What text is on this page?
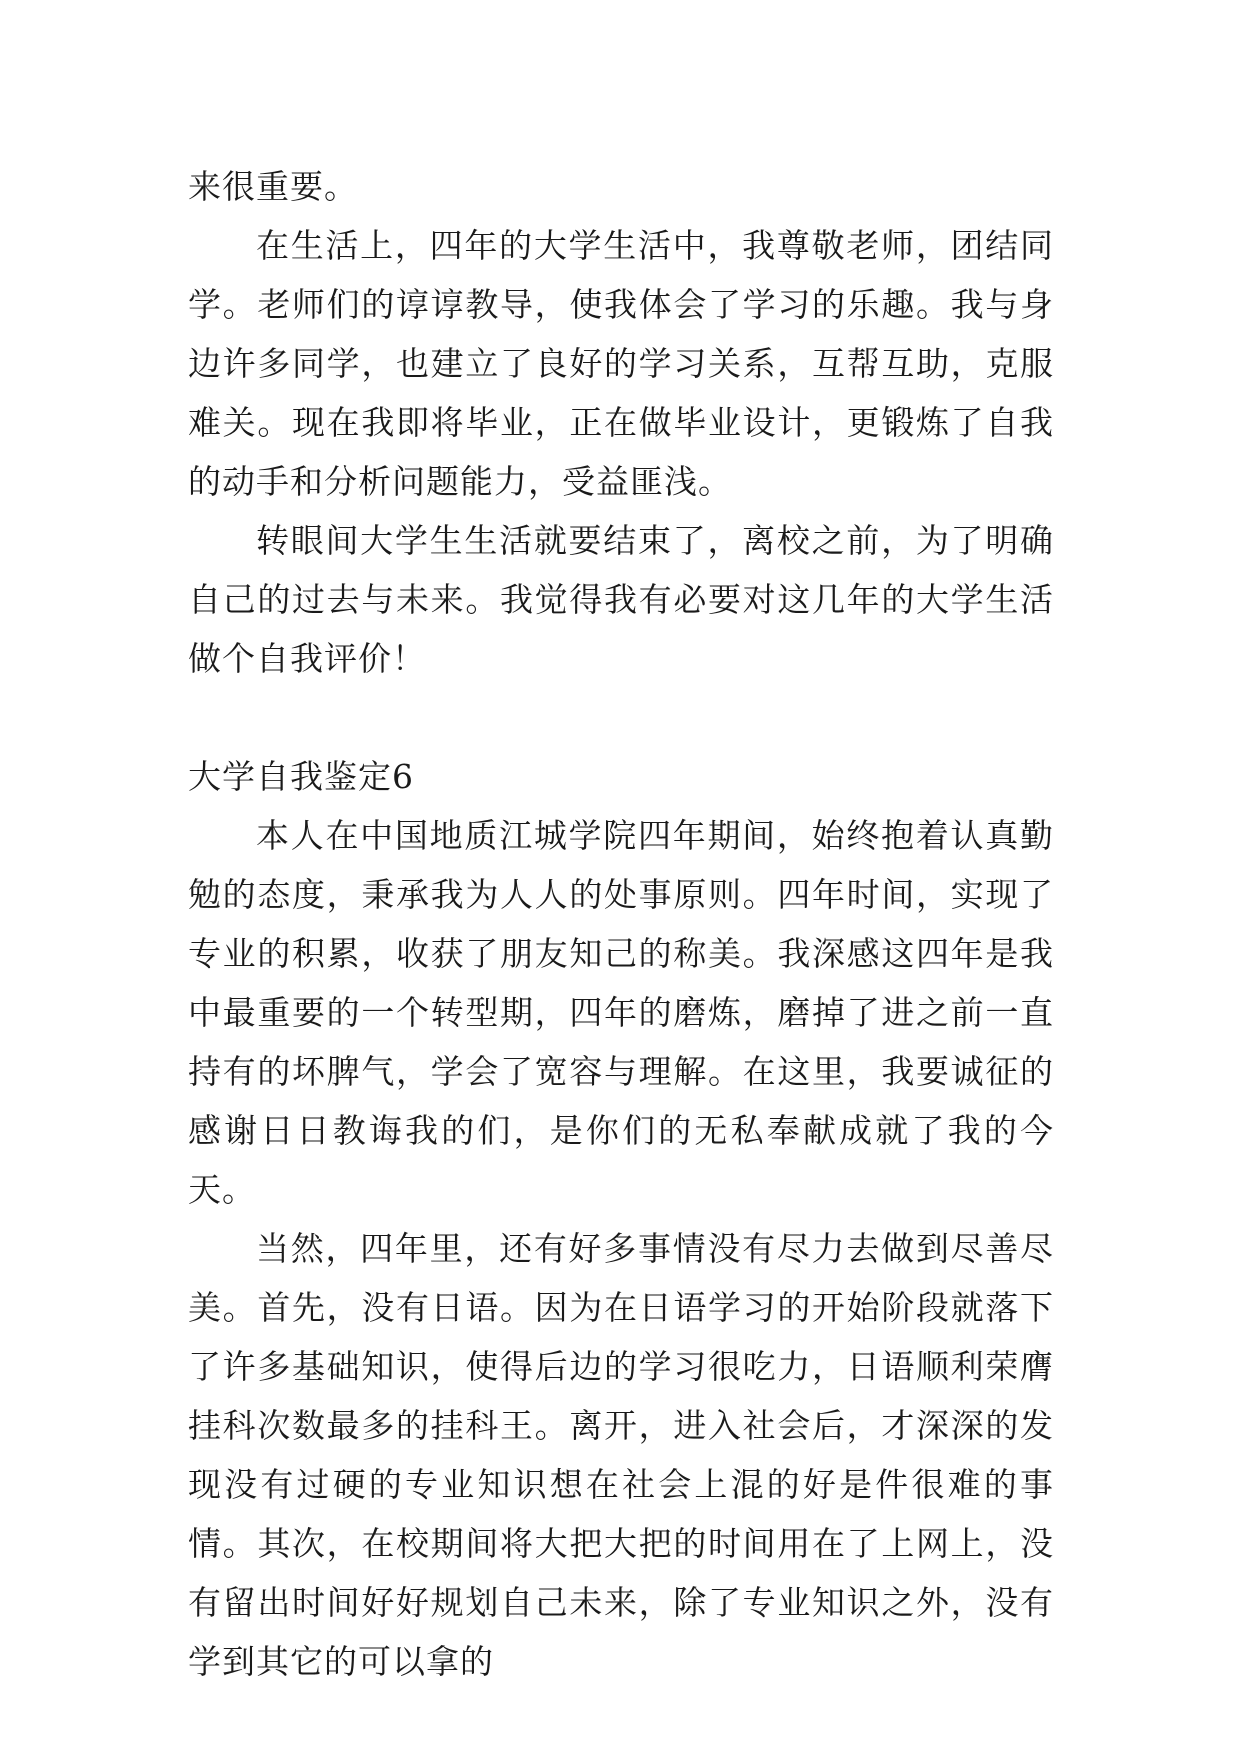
来很重要。

在生活上，四年的大学生活中，我尊敬老师，团结同学。老师们的谆谆教导，使我体会了学习的乐趣。我与身边许多同学，也建立了良好的学习关系，互帮互助，克服难关。现在我即将毕业，正在做毕业设计，更锻炼了自我的动手和分析问题能力，受益匪浅。

转眼间大学生生活就要结束了，离校之前，为了明确自己的过去与未来。我觉得我有必要对这几年的大学生活做个自我评价！

大学自我鉴定6

本人在中国地质江城学院四年期间，始终抱着认真勤勉的态度，秉承我为人人的处事原则。四年时间，实现了专业的积累，收获了朋友知己的称美。我深感这四年是我中最重要的一个转型期，四年的磨炼，磨掉了进之前一直持有的坏脾气，学会了宽容与理解。在这里，我要诚征的感谢日日教诲我的们，是你们的无私奉献成就了我的今天。

当然，四年里，还有好多事情没有尽力去做到尽善尽美。首先，没有日语。因为在日语学习的开始阶段就落下了许多基础知识，使得后边的学习很吃力，日语顺利荣膺挂科次数最多的挂科王。离开，进入社会后，才深深的发现没有过硬的专业知识想在社会上混的好是件很难的事情。其次，在校期间将大把大把的时间用在了上网上，没有留出时间好好规划自己未来，除了专业知识之外，没有学到其它的可以拿的
